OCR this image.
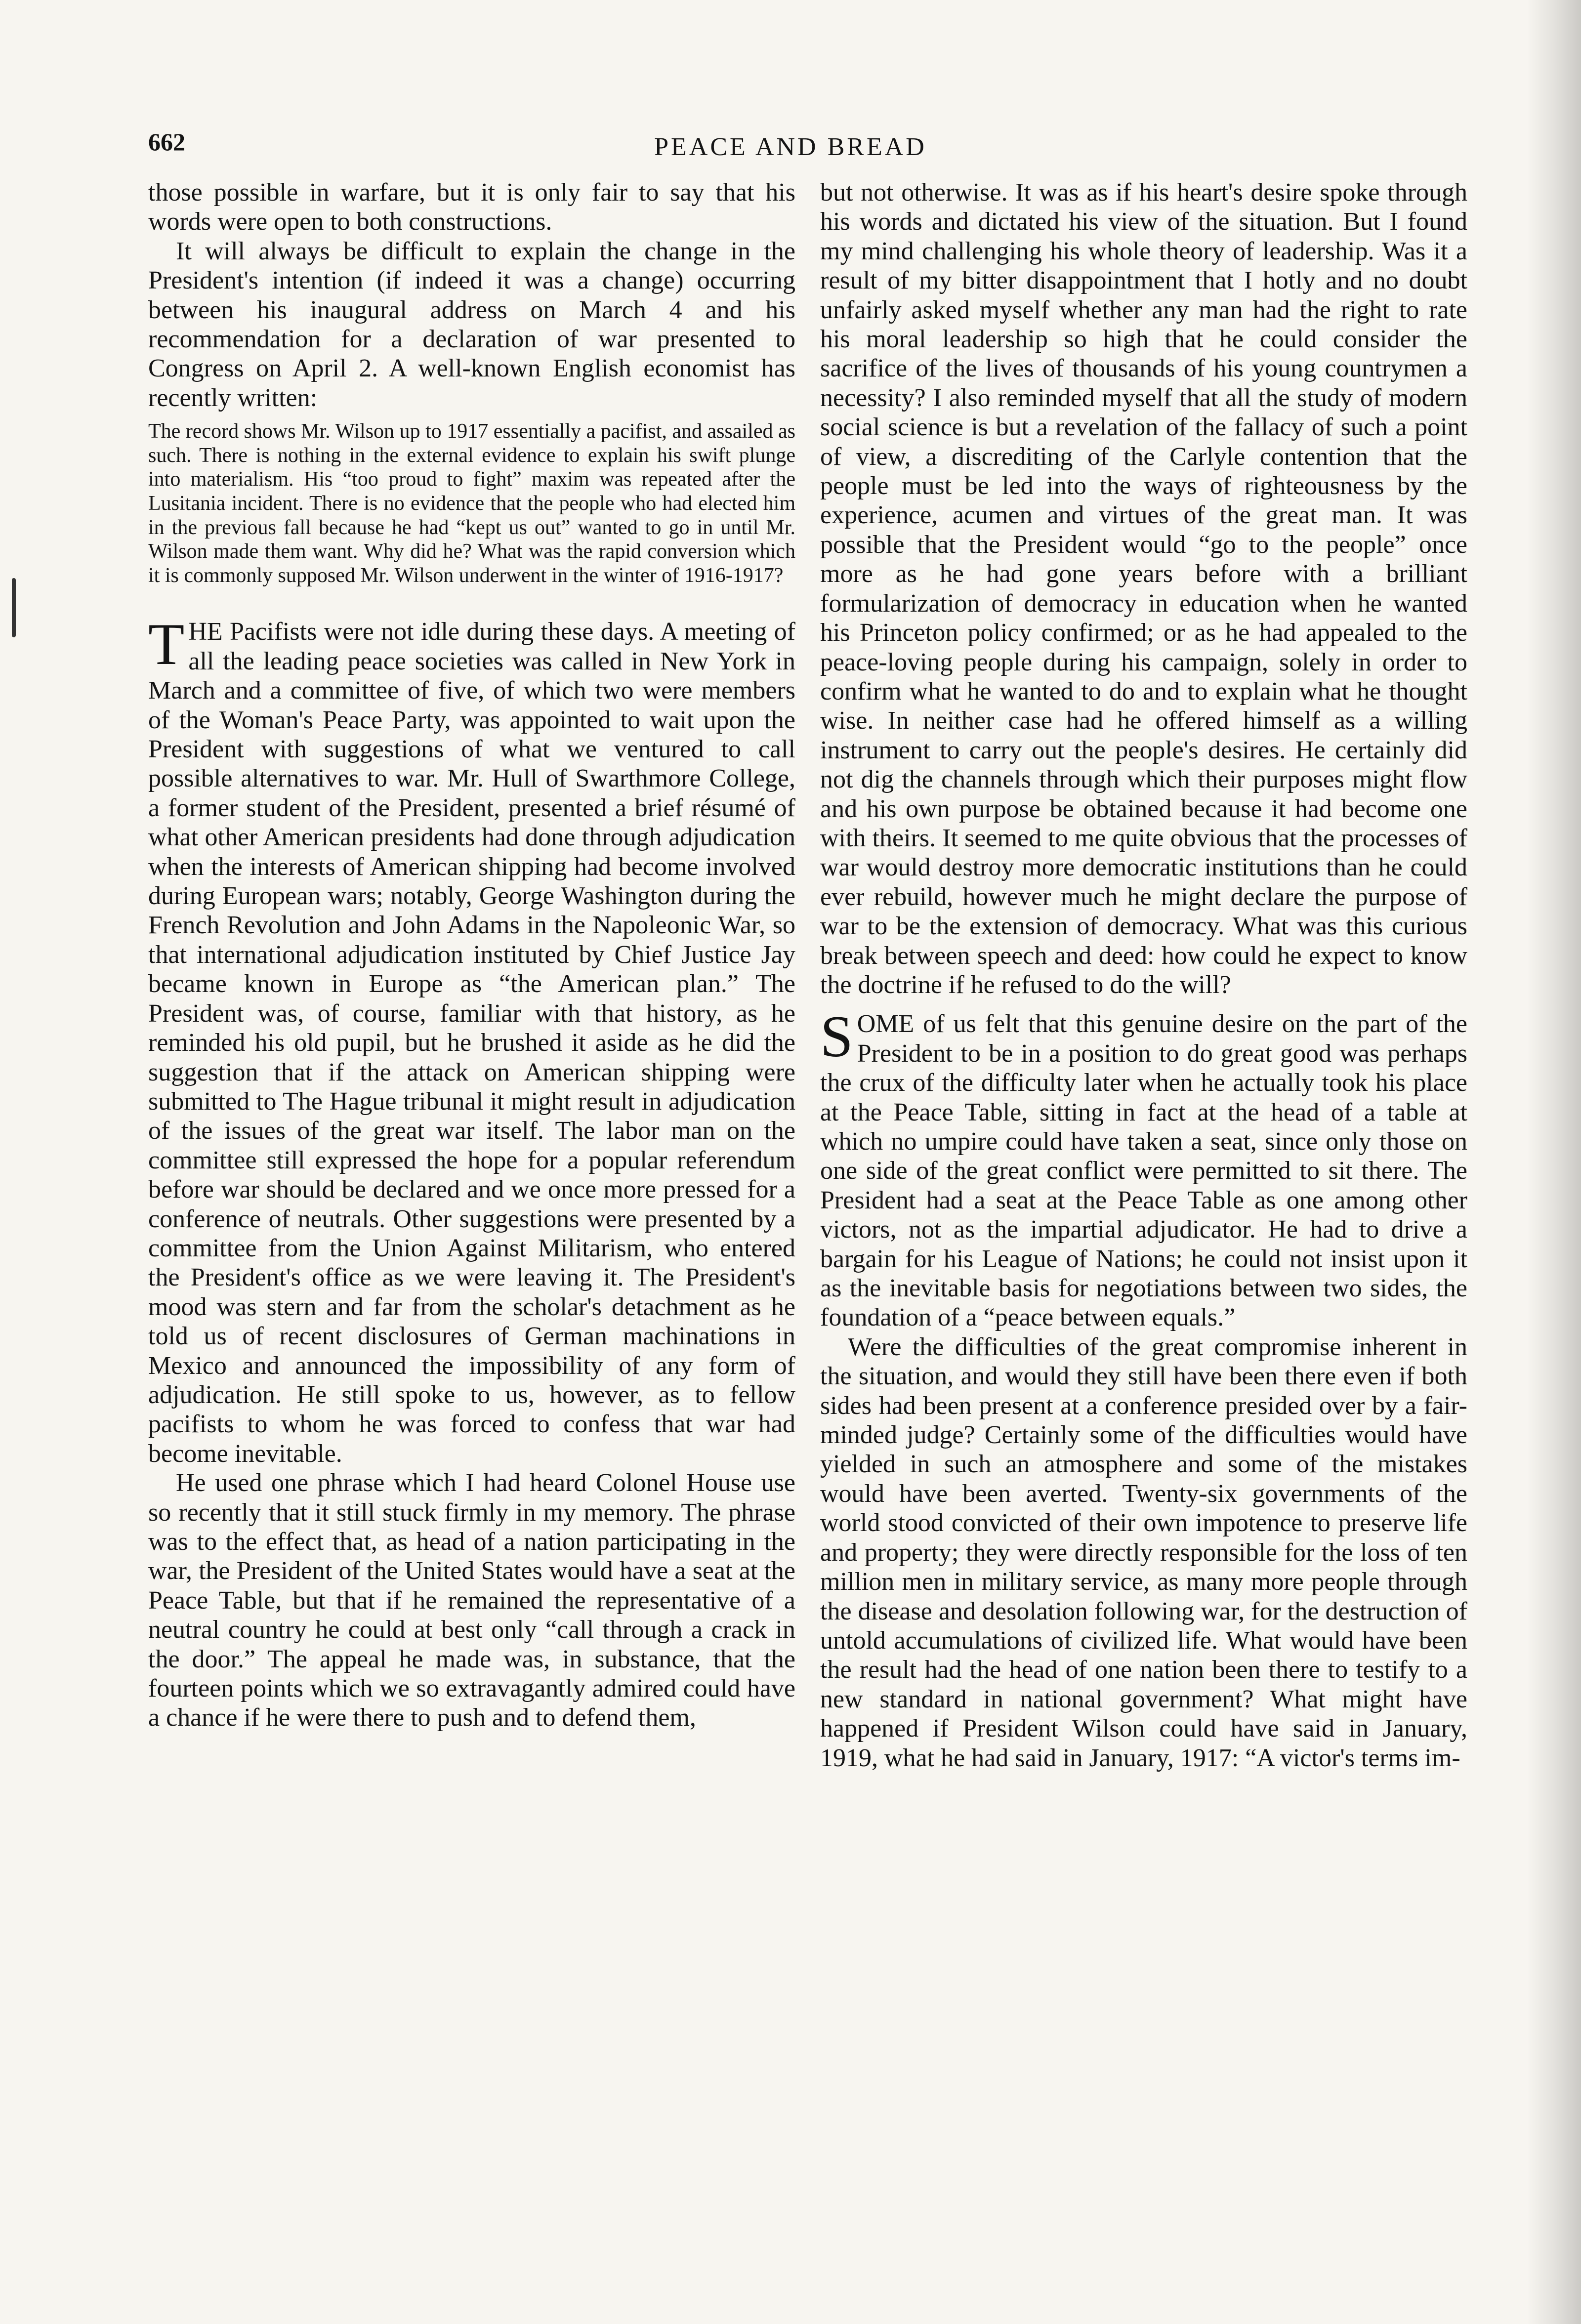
662	PEACE AND BREAD

those possible in warfare, but it is only fair to say that his words were open to both constructions.

It will always be difficult to explain the change in the President's intention (if indeed it was a change) occurring between his inaugural address on March 4 and his recommendation for a declaration of war presented to Congress on April 2. A well-known English economist has recently written:

The record shows Mr. Wilson up to 1917 essentially a pacifist, and assailed as such. There is nothing in the external evidence to explain his swift plunge into materialism. His “too proud to fight” maxim was repeated after the Lusitania incident. There is no evidence that the people who had elected him in the previous fall because he had “kept us out” wanted to go in until Mr. Wilson made them want. Why did he? What was the rapid conversion which it is commonly supposed Mr. Wilson underwent in the winter of 1916-1917?

THE Pacifists were not idle during these days. A meeting of all the leading peace societies was called in New York in March and a committee of five, of which two were members of the Woman's Peace Party, was appointed to wait upon the President with suggestions of what we ventured to call possible alternatives to war. Mr. Hull of Swarthmore College, a former student of the President, presented a brief résumé of what other American presidents had done through adjudication when the interests of American shipping had become involved during European wars; notably, George Washington during the French Revolution and John Adams in the Napoleonic War, so that international adjudication instituted by Chief Justice Jay became known in Europe as “the American plan.” The President was, of course, familiar with that history, as he reminded his old pupil, but he brushed it aside as he did the suggestion that if the attack on American shipping were submitted to The Hague tribunal it might result in adjudication of the issues of the great war itself. The labor man on the committee still expressed the hope for a popular referendum before war should be declared and we once more pressed for a conference of neutrals. Other suggestions were presented by a committee from the Union Against Militarism, who entered the President's office as we were leaving it. The President's mood was stern and far from the scholar's detachment as he told us of recent disclosures of German machinations in Mexico and announced the impossibility of any form of adjudication. He still spoke to us, however, as to fellow pacifists to whom he was forced to confess that war had become inevitable.

He used one phrase which I had heard Colonel House use so recently that it still stuck firmly in my memory. The phrase was to the effect that, as head of a nation participating in the war, the President of the United States would have a seat at the Peace Table, but that if he remained the representative of a neutral country he could at best only “call through a crack in the door.” The appeal he made was, in substance, that the fourteen points which we so extravagantly admired could have a chance if he were there to push and to defend them,

but not otherwise. It was as if his heart's desire spoke through his words and dictated his view of the situation. But I found my mind challenging his whole theory of leadership. Was it a result of my bitter disappointment that I hotly and no doubt unfairly asked myself whether any man had the right to rate his moral leadership so high that he could consider the sacrifice of the lives of thousands of his young countrymen a necessity? I also reminded myself that all the study of modern social science is but a revelation of the fallacy of such a point of view, a discrediting of the Carlyle contention that the people must be led into the ways of righteousness by the experience, acumen and virtues of the great man. It was possible that the President would “go to the people” once more as he had gone years before with a brilliant formularization of democracy in education when he wanted his Princeton policy confirmed; or as he had appealed to the peace-loving people during his campaign, solely in order to confirm what he wanted to do and to explain what he thought wise. In neither case had he offered himself as a willing instrument to carry out the people's desires. He certainly did not dig the channels through which their purposes might flow and his own purpose be obtained because it had become one with theirs. It seemed to me quite obvious that the processes of war would destroy more democratic institutions than he could ever rebuild, however much he might declare the purpose of war to be the extension of democracy. What was this curious break between speech and deed: how could he expect to know the doctrine if he refused to do the will?

SOME of us felt that this genuine desire on the part of the President to be in a position to do great good was perhaps the crux of the difficulty later when he actually took his place at the Peace Table, sitting in fact at the head of a table at which no umpire could have taken a seat, since only those on one side of the great conflict were permitted to sit there. The President had a seat at the Peace Table as one among other victors, not as the impartial adjudicator. He had to drive a bargain for his League of Nations; he could not insist upon it as the inevitable basis for negotiations between two sides, the foundation of a “peace between equals.”

Were the difficulties of the great compromise inherent in the situation, and would they still have been there even if both sides had been present at a conference presided over by a fair-minded judge? Certainly some of the difficulties would have yielded in such an atmosphere and some of the mistakes would have been averted. Twenty-six governments of the world stood convicted of their own impotence to preserve life and property; they were directly responsible for the loss of ten million men in military service, as many more people through the disease and desolation following war, for the destruction of untold accumulations of civilized life. What would have been the result had the head of one nation been there to testify to a new standard in national government? What might have happened if President Wilson could have said in January, 1919, what he had said in January, 1917: “A victor's terms im-
